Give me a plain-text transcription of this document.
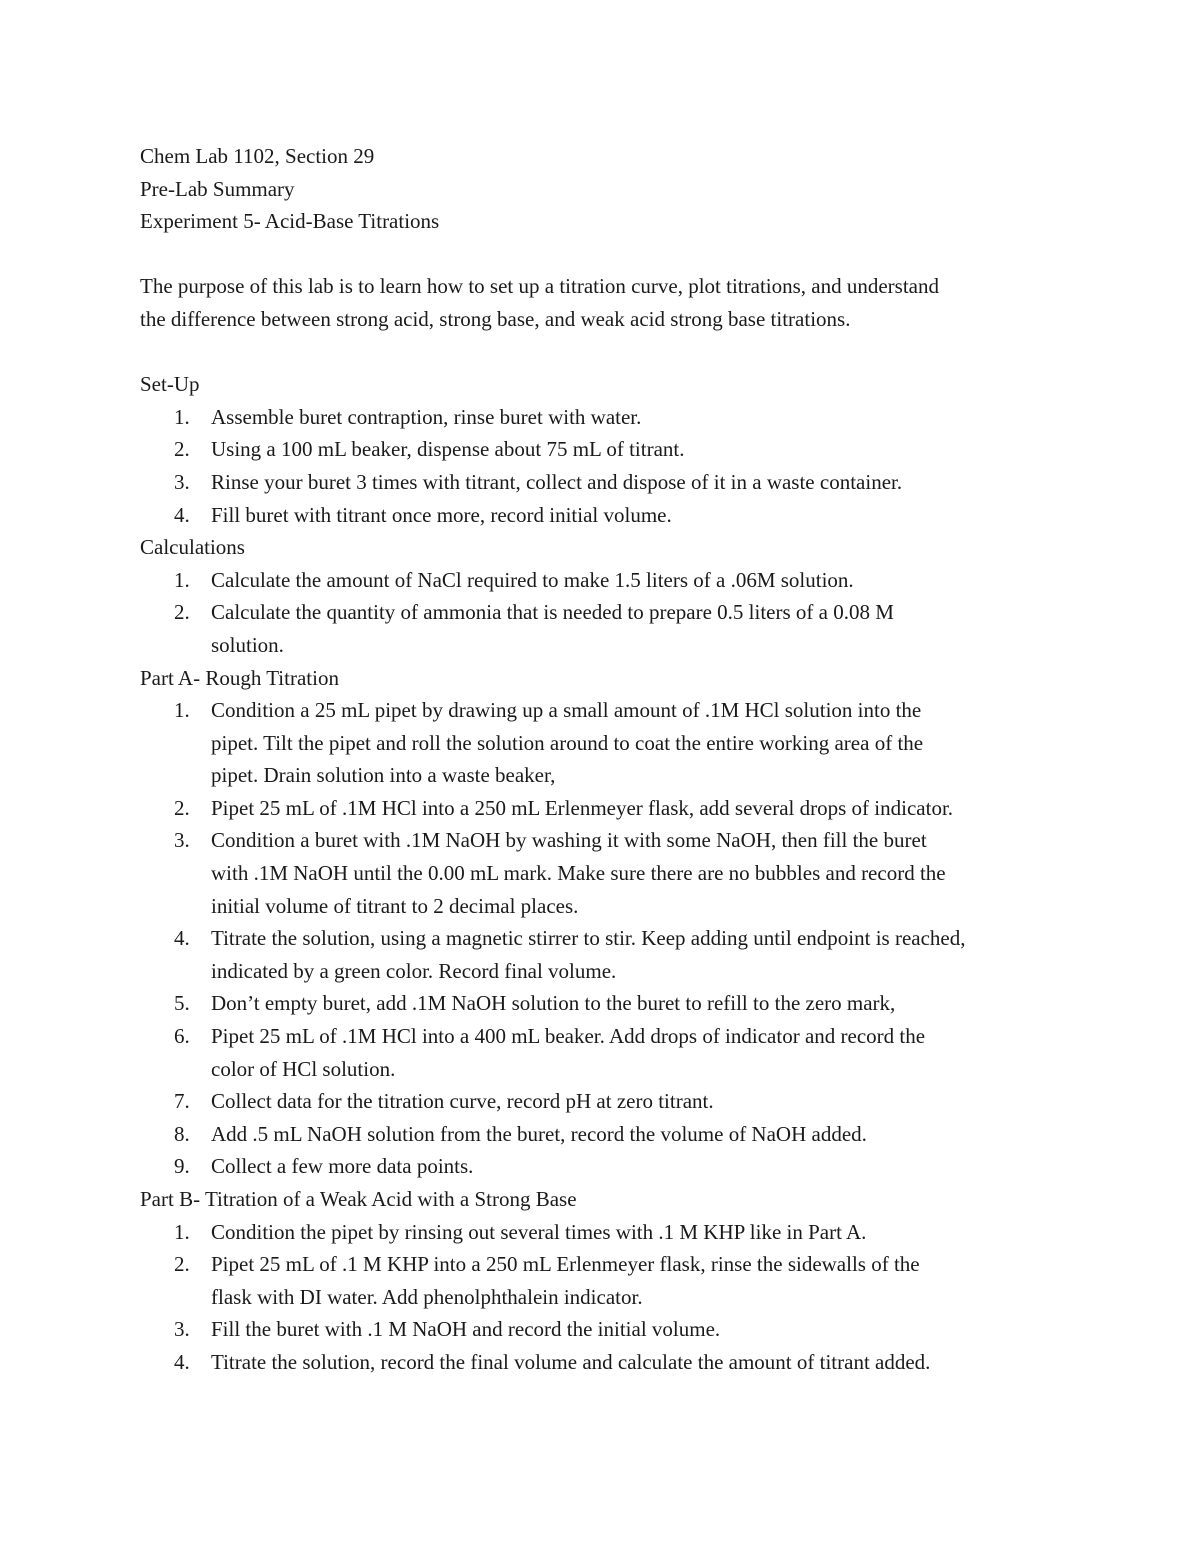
Chem Lab 1102, Section 29
Pre-Lab Summary
Experiment 5- Acid-Base Titrations
The purpose of this lab is to learn how to set up a titration curve, plot titrations, and understand
the difference between strong acid, strong base, and weak acid strong base titrations.
Set-Up
1.	Assemble buret contraption, rinse buret with water.
2.	Using a 100 mL beaker, dispense about 75 mL of titrant.
3.	Rinse your buret 3 times with titrant, collect and dispose of it in a waste container.
4.	Fill buret with titrant once more, record initial volume.
Calculations
1.	Calculate the amount of NaCl required to make 1.5 liters of a .06M solution.
2.	Calculate the quantity of ammonia that is needed to prepare 0.5 liters of a 0.08 M
solution.
Part A- Rough Titration
1.	Condition a 25 mL pipet by drawing up a small amount of .1M HCl solution into the
pipet. Tilt the pipet and roll the solution around to coat the entire working area of the
pipet. Drain solution into a waste beaker,
2.	Pipet 25 mL of .1M HCl into a 250 mL Erlenmeyer flask, add several drops of indicator.
3.	Condition a buret with .1M NaOH by washing it with some NaOH, then fill the buret
with .1M NaOH until the 0.00 mL mark. Make sure there are no bubbles and record the
initial volume of titrant to 2 decimal places.
4.	Titrate the solution, using a magnetic stirrer to stir. Keep adding until endpoint is reached,
indicated by a green color. Record final volume.
5.	Don’t empty buret, add .1M NaOH solution to the buret to refill to the zero mark,
6.	Pipet 25 mL of .1M HCl into a 400 mL beaker. Add drops of indicator and record the
color of HCl solution.
7.	Collect data for the titration curve, record pH at zero titrant.
8.	Add .5 mL NaOH solution from the buret, record the volume of NaOH added.
9.	Collect a few more data points.
Part B- Titration of a Weak Acid with a Strong Base
1.	Condition the pipet by rinsing out several times with .1 M KHP like in Part A.
2.	Pipet 25 mL of .1 M KHP into a 250 mL Erlenmeyer flask, rinse the sidewalls of the
flask with DI water. Add phenolphthalein indicator.
3.	Fill the buret with .1 M NaOH and record the initial volume.
4.	Titrate the solution, record the final volume and calculate the amount of titrant added.
